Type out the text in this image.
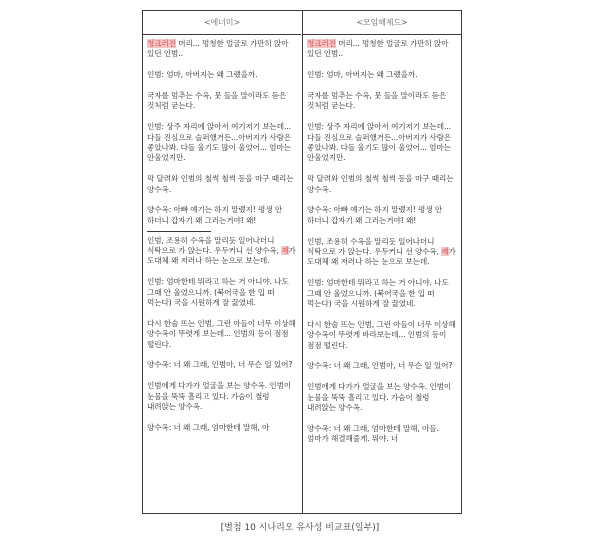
<에너미>

청크러진 머리... 멍청한 얼굴로 가만히 앉아 있던 인범..

인범: 엄마, 아버지는 왜 그랬을까.

국자를 멈추는 수옥, 뭇 들을 말이라도 듣은 것처럼 굳는다.

인범: 상주 자리에 앉아서 여기저기 보는데...다들 진심으로 슬퍼했거든...아버지가 사람은 좋았나봐. 다들 울기도 많이 울었어... 엄마는 안울었지만.

막 달려와 인범의 철썩 철썩 등을 마구 때리는 양수옥.

양수옥: 아빠 얘기는 하지 말랬지! 평생 안 하더니 갑자기 왜 그러는거야! 왜!

인범, 조용히 수옥을 말리듯 일어나더니 식탁으로 가 앉는다. 우두커니 선 양수옥, 재가 도대체 왜 저러나 하는 눈으로 보는데.

인범: 엄마한테 뭐라고 하는 거 아니야. 나도 그때 안 울었으니까. (북어국을 한 입 떠 먹는다) 국을 시원하게 잘 끓였네.

다시 한술 뜨는 인범, 그런 아들이 너무 이상해 양수옥이 뚜렷게 보는데... 인범의 등이 점점 떨린다.

양수옥: 너 왜 그래, 인범아, 너 무슨 일 있어?

인범에게 다가가 얼굴을 보는 양수옥. 인범이 눈물을 뚝뚝 흘리고 있다. 가슴이 철렁 내려앉는 양수옥.

양수옥: 너 왜 그래, 엄마한테 말해, 아

<모임해제드>

청크러진 머리... 멍청한 얼굴로 가만히 앉아 있던 인범..

인범: 엄마, 아버지는 왜 그랬을까.

국자를 멈추는 수옥, 뭇 들을 말이라도 듣은 것처럼 굳는다.

인범: 상주 자리에 앉아서 여기저기 보는데...다들 진심으로 슬퍼했거든...아버지가 사람은 좋았나봐. 다들 울기도 많이 울었어... 엄마는 안울었지만.

막 달려와 인범의 철썩 철썩 등을 마구 때리는 양수옥.

양수옥: 아빠 얘기는 하지 말랬지! 평생 안 하더니 갑자기 왜 그러는거야! 왜!

인범, 조용히 수옥을 말리듯 일어나더니 식탁으로 가 앉는다. 우두커니 선 양수옥, 재가 도대체 왜 저러나 하는 눈으로 보는데.

인범: 엄마한테 뭐라고 하는 거 아니야. 나도 그때 안 울었으니까. (북어국을 한 입 떠 먹는다) 국을 시원하게 잘 끓였네.

다시 한술 뜨는 인범, 그런 아들이 너무 이상해 양수옥이 뚜렷게 바라보는데... 인범의 등이 점점 떨린다.

양수옥: 너 왜 그래, 인범아, 너 무슨 일 있어?

인범에게 다가가 얼굴을 보는 양수옥. 인범이 눈물을 뚝뚝 흘리고 있다. 가슴이 철렁 내려앉는 양수옥.

양수옥: 너 왜 그래, 엄마한테 말해, 아들. 엄마가 해결해줄게. 뭐야. 너

[별첨 10 시나리오 유사성 비교표(일부)]
